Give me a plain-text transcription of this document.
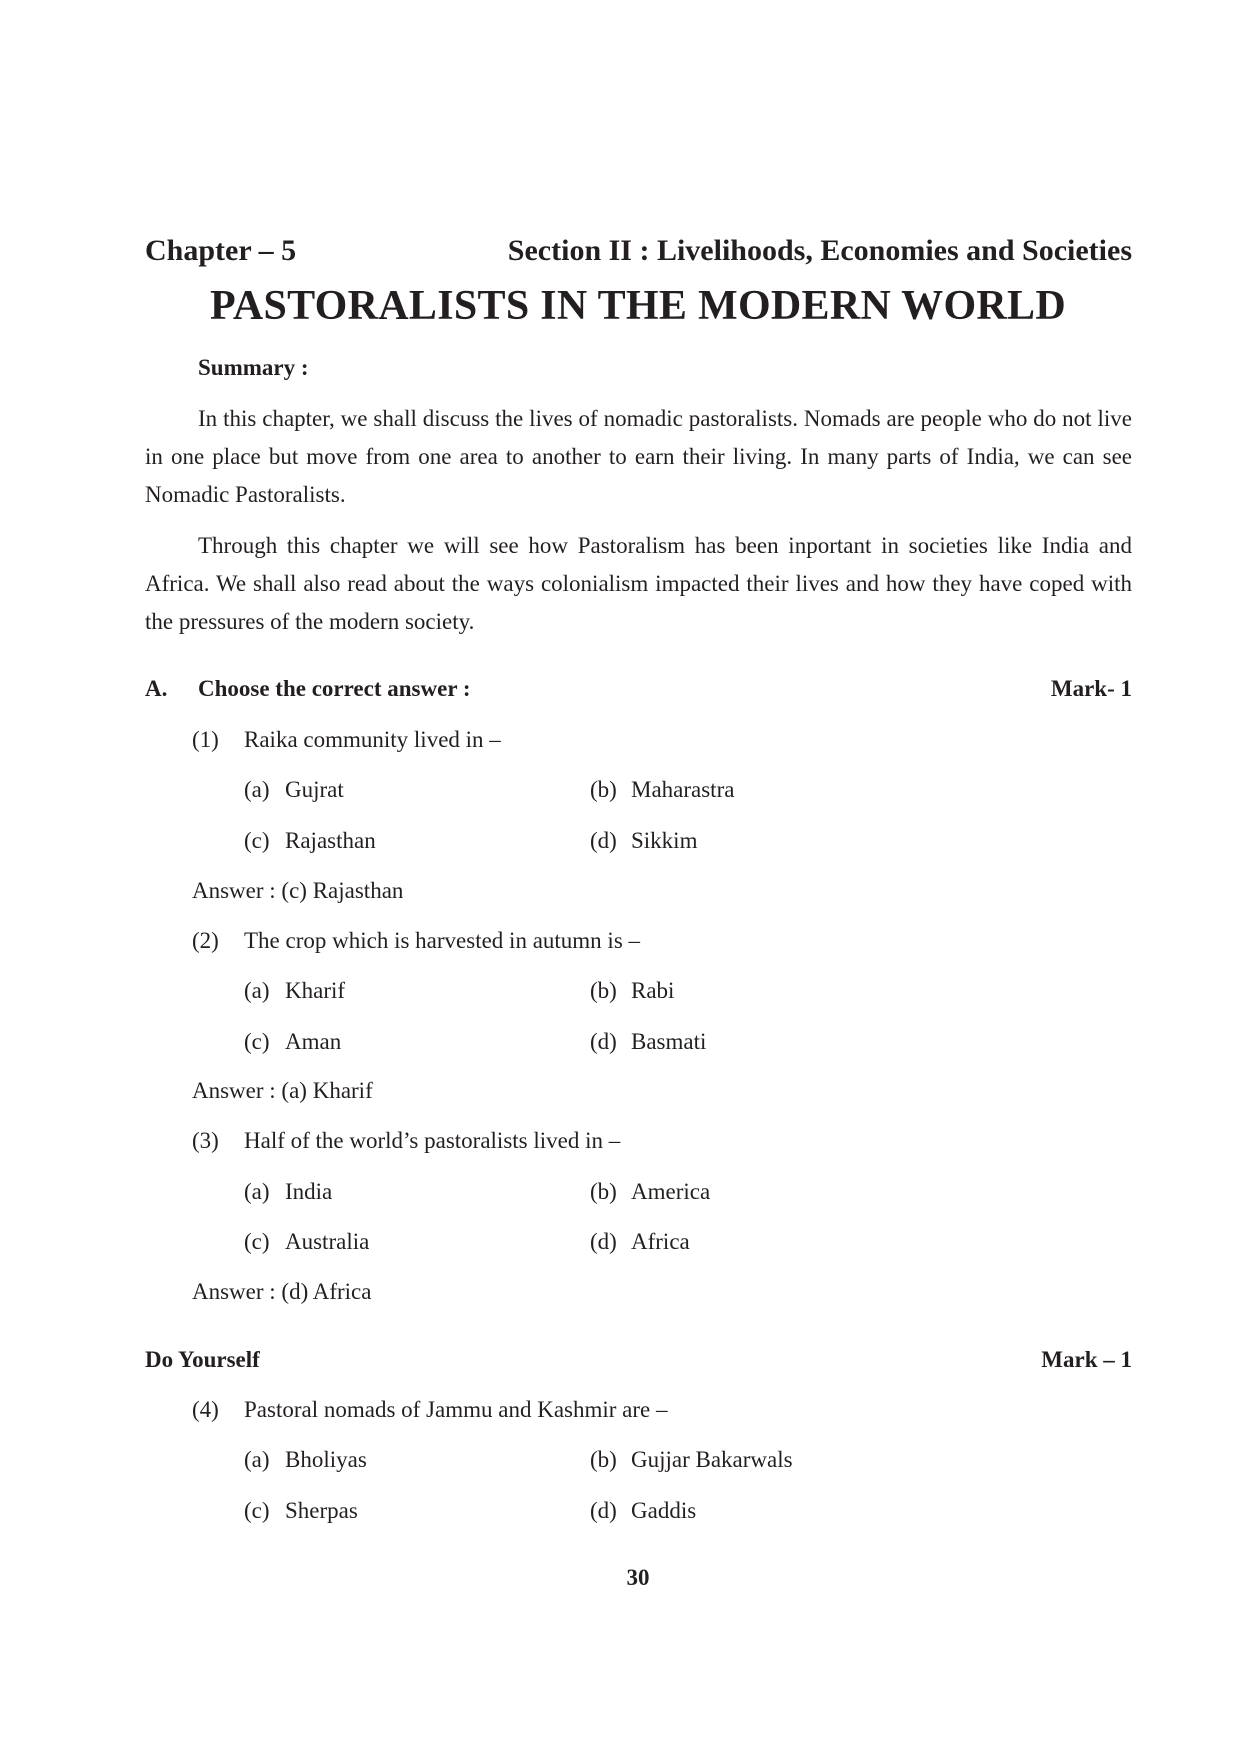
Chapter – 5	Section II : Livelihoods, Economies and Societies
PASTORALISTS IN THE MODERN WORLD
Summary :
In this chapter, we shall discuss the lives of nomadic pastoralists. Nomads are people who do not live in one place but move from one area to another to earn their living. In many parts of India, we can see Nomadic Pastoralists.
Through this chapter we will see how Pastoralism has been inportant in societies like India and Africa. We shall also read about the ways colonialism impacted their lives and how they have coped with the pressures of the modern society.
A. Choose the correct answer :	Mark- 1
(1) Raika community lived in –
(a) Gujrat	(b) Maharastra
(c) Rajasthan	(d) Sikkim
Answer : (c) Rajasthan
(2) The crop which is harvested in autumn is –
(a) Kharif	(b) Rabi
(c) Aman	(d) Basmati
Answer : (a) Kharif
(3) Half of the world’s pastoralists lived in –
(a) India	(b) America
(c) Australia	(d) Africa
Answer : (d) Africa
Do Yourself	Mark – 1
(4) Pastoral nomads of Jammu and Kashmir are –
(a) Bholiyas	(b) Gujjar Bakarwals
(c) Sherpas	(d) Gaddis
30
